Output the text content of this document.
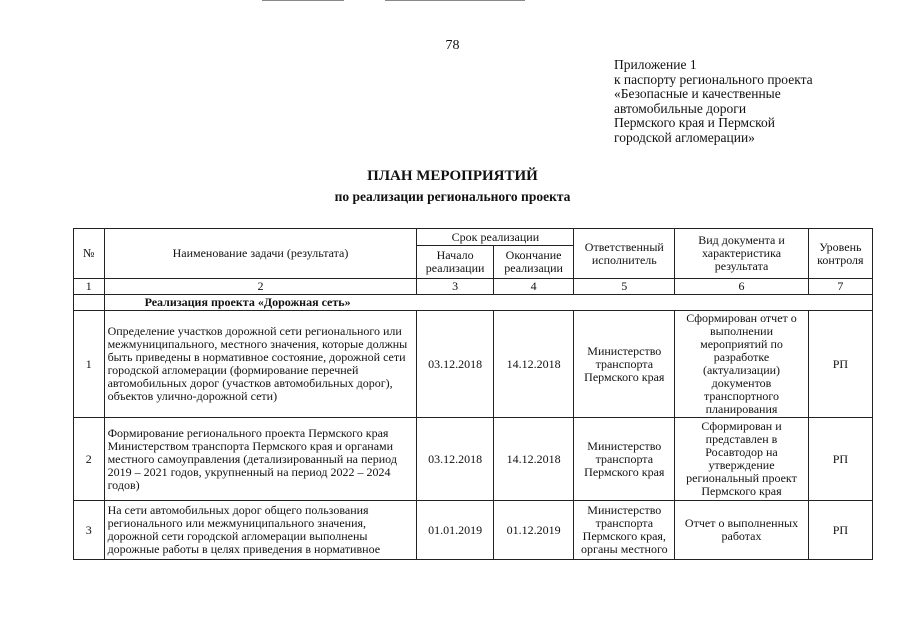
78
Приложение 1
к паспорту регионального проекта
«Безопасные и качественные
автомобильные дороги
Пермского края и Пермской
городской агломерации»
ПЛАН МЕРОПРИЯТИЙ
по реализации регионального проекта
№	Наименование задачи (результата)	Срок реализации		Ответственный исполнитель	Вид документа и характеристика результата	Уровень контроля
		Начало реализации	Окончание реализации			
1	2	3	4	5	6	7
	Реализация проекта «Дорожная сеть»					
1	Определение участков дорожной сети регионального или межмуниципального, местного значения, которые должны быть приведены в нормативное состояние, дорожной сети городской агломерации (формирование перечней автомобильных дорог (участков автомобильных дорог), объектов улично-дорожной сети)	03.12.2018	14.12.2018	Министерство транспорта Пермского края	Сформирован отчет о выполнении мероприятий по разработке (актуализации) документов транспортного планирования	РП
2	Формирование регионального проекта Пермского края Министерством транспорта Пермского края и органами местного самоуправления (детализированный на период 2019 – 2021 годов, укрупненный на период 2022 – 2024 годов)	03.12.2018	14.12.2018	Министерство транспорта Пермского края	Сформирован и представлен в Росавтодор на утверждение региональный проект Пермского края	РП
3	На сети автомобильных дорог общего пользования регионального или межмуниципального значения, дорожной сети городской агломерации выполнены дорожные работы в целях приведения в нормативное	01.01.2019	01.12.2019	Министерство транспорта Пермского края, органы местного	Отчет о выполненных работах	РП
